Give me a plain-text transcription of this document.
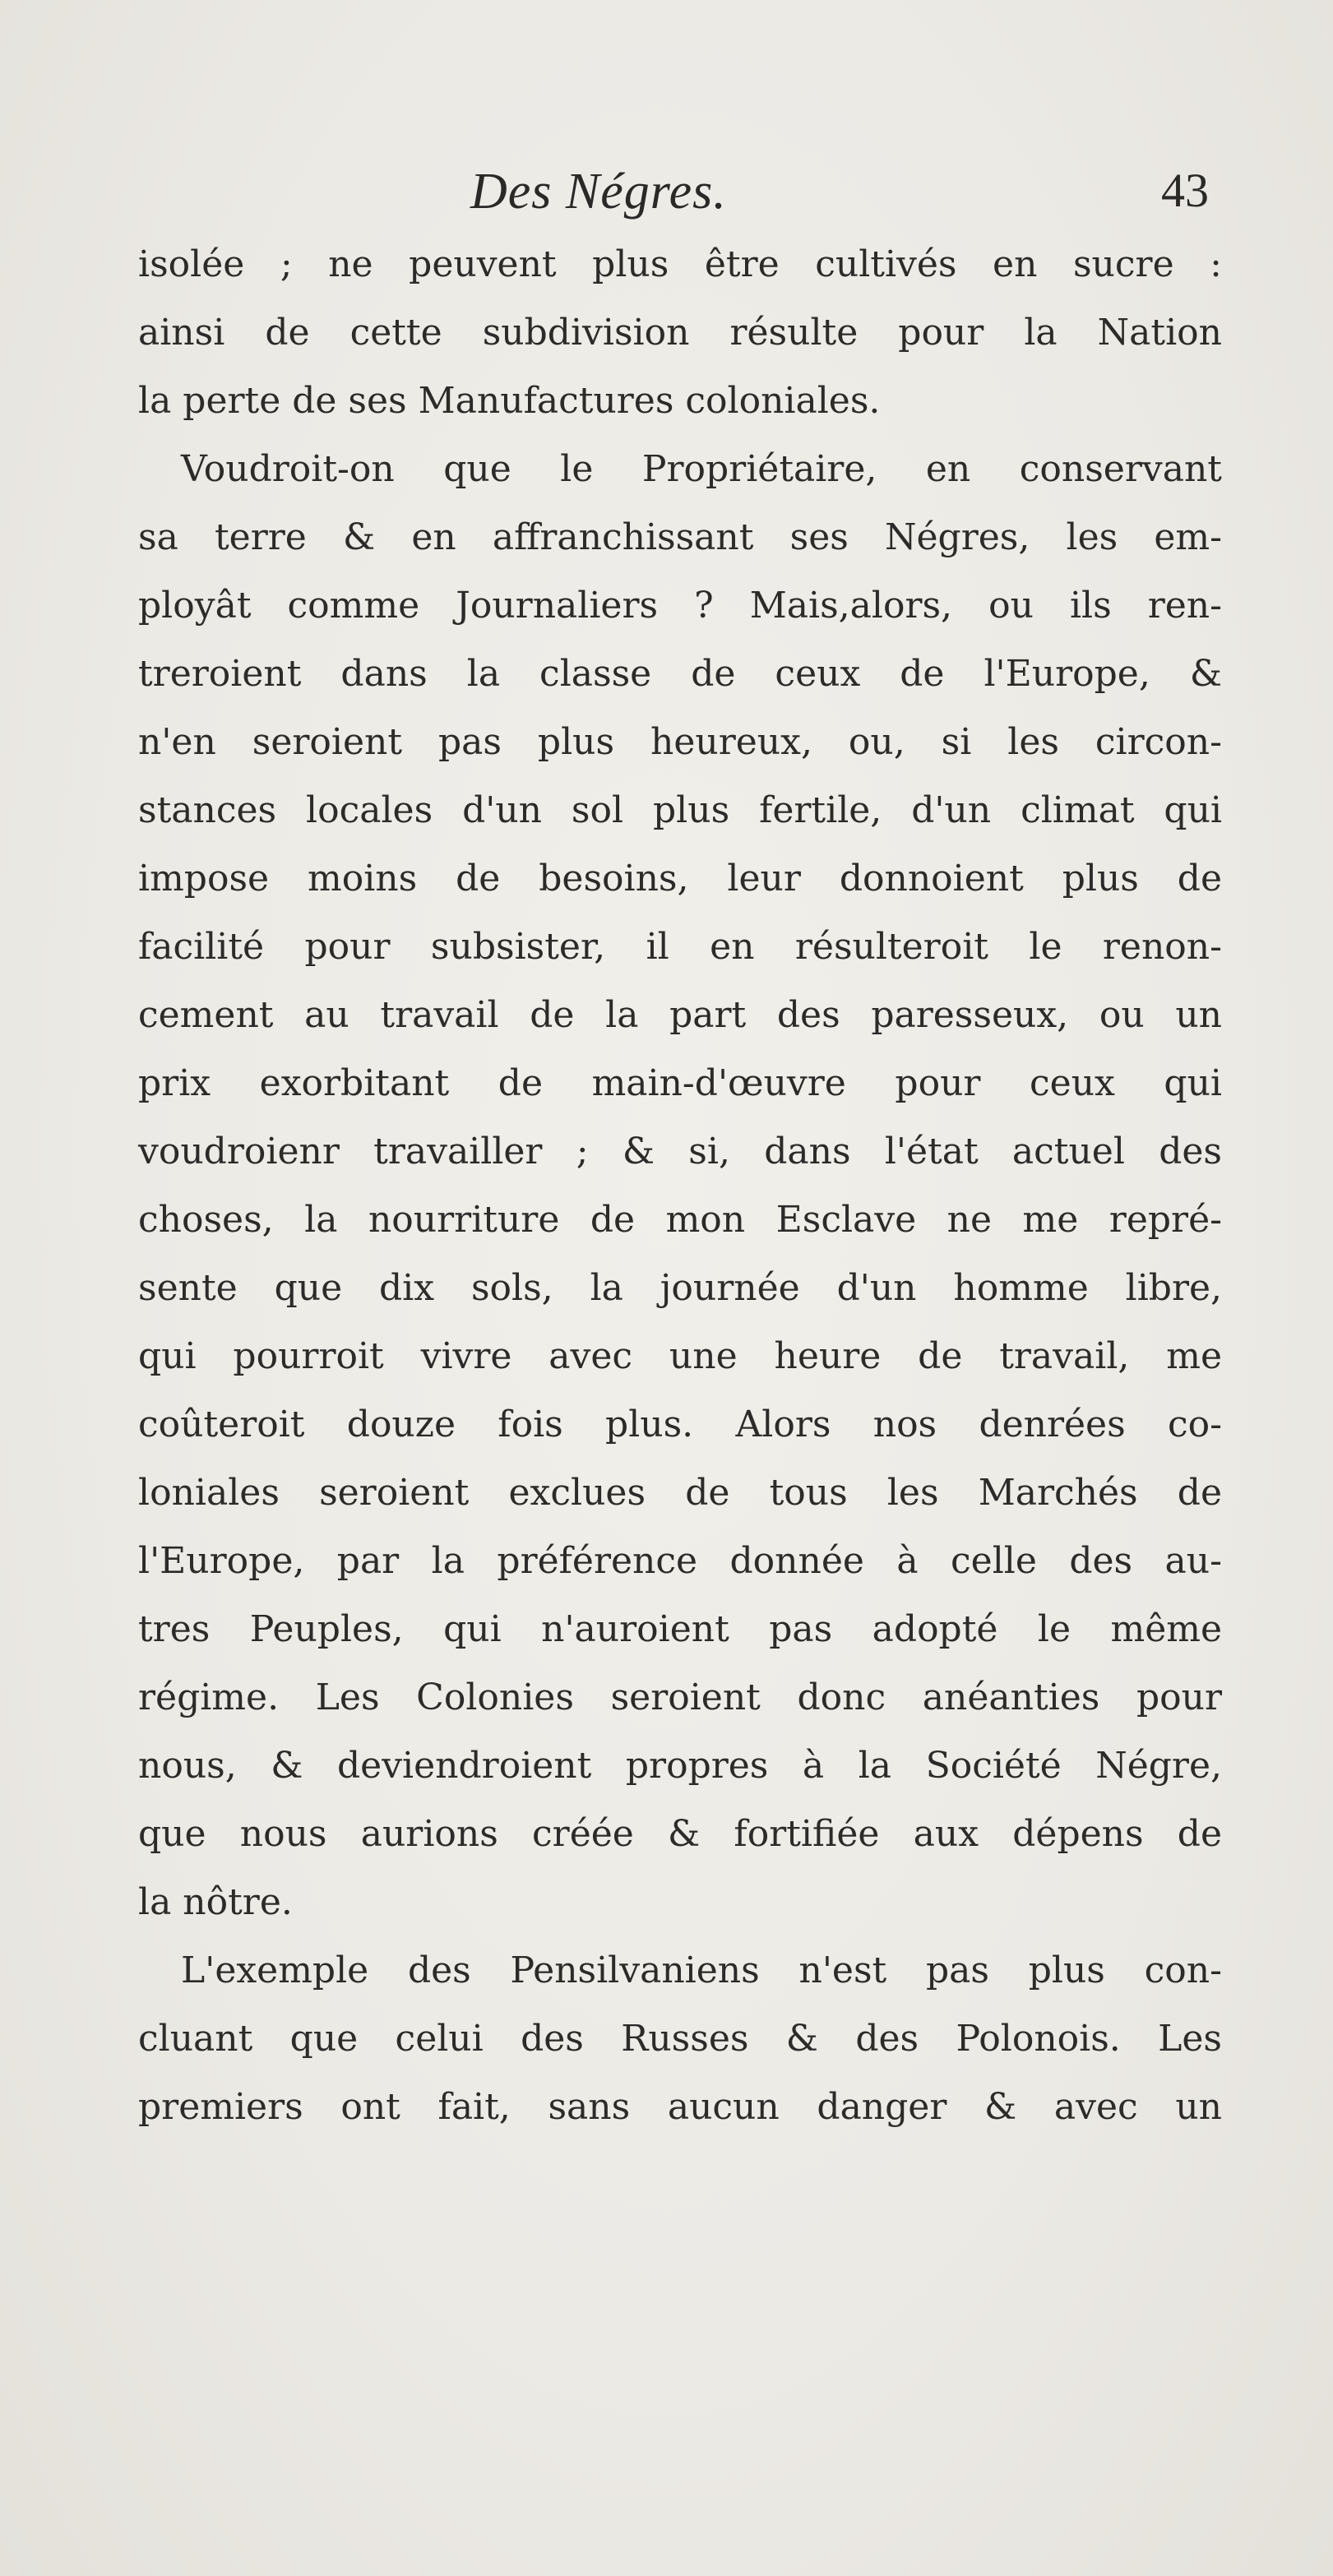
Des Négres.	43
isolée ; ne peuvent plus être cultivés en sucre :
ainsi de cette subdivision résulte pour la Nation
la perte de ses Manufactures coloniales.
Voudroit-on que le Propriétaire, en conservant
sa terre & en affranchissant ses Négres, les em-
ployât comme Journaliers ? Mais,alors, ou ils ren-
treroient dans la classe de ceux de l'Europe, &
n'en seroient pas plus heureux, ou, si les circon-
stances locales d'un sol plus fertile, d'un climat qui
impose moins de besoins, leur donnoient plus de
facilité pour subsister, il en résulteroit le renon-
cement au travail de la part des paresseux, ou un
prix exorbitant de main-d'œuvre pour ceux qui
voudroienr travailler ; & si, dans l'état actuel des
choses, la nourriture de mon Esclave ne me repré-
sente que dix sols, la journée d'un homme libre,
qui pourroit vivre avec une heure de travail, me
coûteroit douze fois plus. Alors nos denrées co-
loniales seroient exclues de tous les Marchés de
l'Europe, par la préférence donnée à celle des au-
tres Peuples, qui n'auroient pas adopté le même
régime. Les Colonies seroient donc anéanties pour
nous, & deviendroient propres à la Société Négre,
que nous aurions créée & fortifiée aux dépens de
la nôtre.
L'exemple des Pensilvaniens n'est pas plus con-
cluant que celui des Russes & des Polonois. Les
premiers ont fait, sans aucun danger & avec un
